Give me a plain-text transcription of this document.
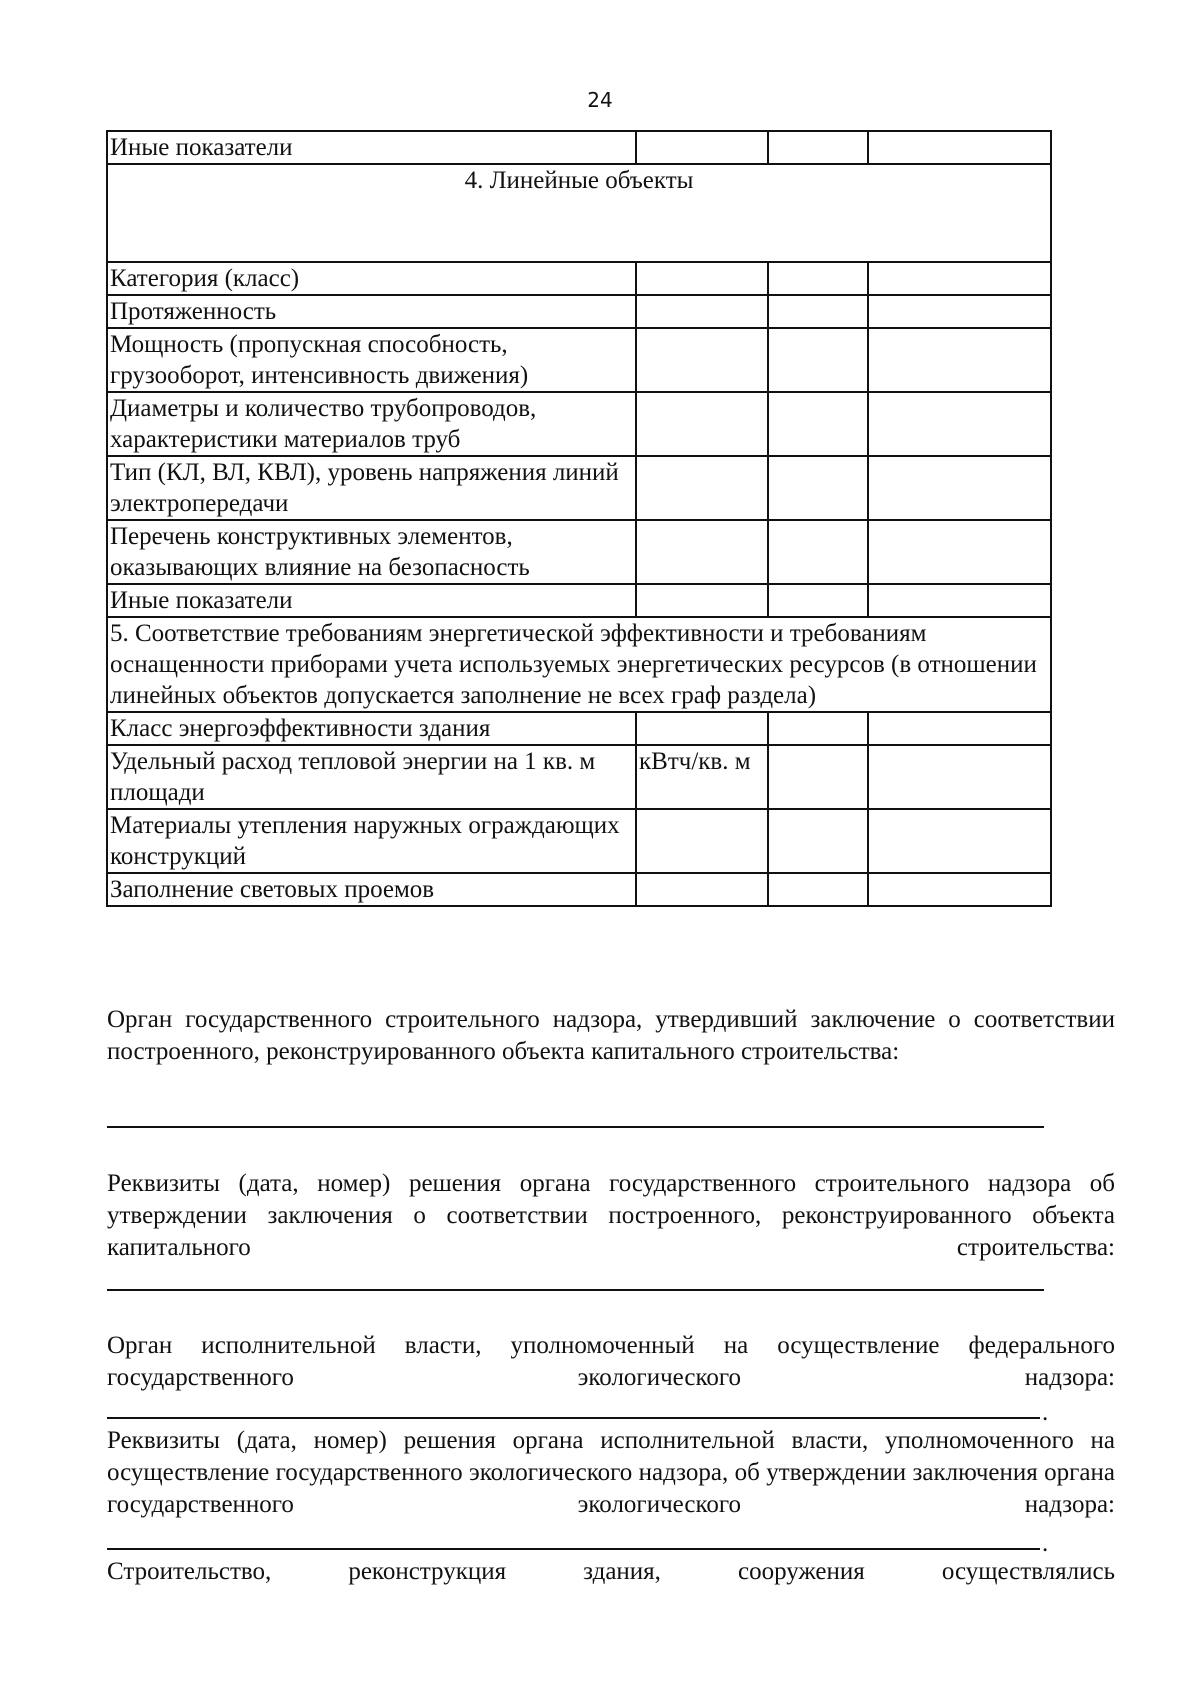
24
Иные показатели			
4. Линейные объекты			
Категория (класс)			
Протяженность			
Мощность (пропускная способность, грузооборот, интенсивность движения)			
Диаметры и количество трубопроводов, характеристики материалов труб			
Тип (КЛ, ВЛ, КВЛ), уровень напряжения линий электропередачи			
Перечень конструктивных элементов, оказывающих влияние на безопасность			
Иные показатели			
5. Соответствие требованиям энергетической эффективности и требованиям оснащенности приборами учета используемых энергетических ресурсов (в отношении линейных объектов допускается заполнение не всех граф раздела)			
Класс энергоэффективности здания			
Удельный расход тепловой энергии на 1 кв. м площади	кВтч/кв. м		
Материалы утепления наружных ограждающих конструкций			
Заполнение световых проемов			
Орган государственного строительного надзора, утвердивший заключение о соответствии построенного, реконструированного объекта капитального строительства:
Реквизиты (дата, номер) решения органа государственного строительного надзора об утверждении заключения о соответствии построенного, реконструированного объекта капитального строительства:
Орган исполнительной власти, уполномоченный на осуществление федерального государственного экологического надзора:
.
Реквизиты (дата, номер) решения органа исполнительной власти, уполномоченного на осуществление государственного экологического надзора, об утверждении заключения органа государственного экологического надзора:
.
Строительство, реконструкция здания, сооружения осуществлялись
